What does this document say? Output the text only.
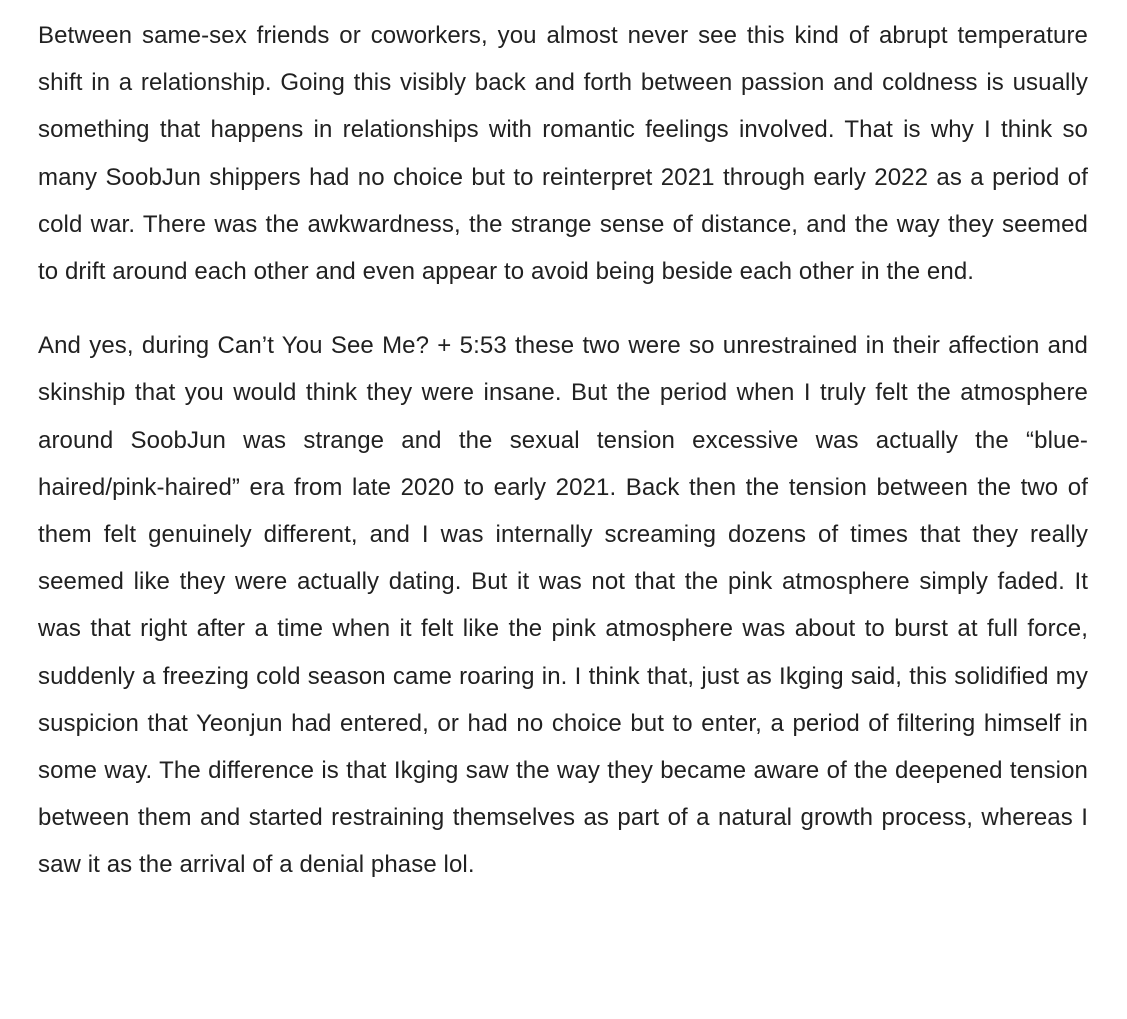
Between same-sex friends or coworkers, you almost never see this kind of abrupt temperature shift in a relationship. Going this visibly back and forth between passion and coldness is usually something that happens in relationships with romantic feelings involved. That is why I think so many SoobJun shippers had no choice but to reinterpret 2021 through early 2022 as a period of cold war. There was the awkwardness, the strange sense of distance, and the way they seemed to drift around each other and even appear to avoid being beside each other in the end.

And yes, during Can’t You See Me? + 5:53 these two were so unrestrained in their affection and skinship that you would think they were insane. But the period when I truly felt the atmosphere around SoobJun was strange and the sexual tension excessive was actually the “blue-haired/pink-haired” era from late 2020 to early 2021. Back then the tension between the two of them felt genuinely different, and I was internally screaming dozens of times that they really seemed like they were actually dating. But it was not that the pink atmosphere simply faded. It was that right after a time when it felt like the pink atmosphere was about to burst at full force, suddenly a freezing cold season came roaring in. I think that, just as Ikging said, this solidified my suspicion that Yeonjun had entered, or had no choice but to enter, a period of filtering himself in some way. The difference is that Ikging saw the way they became aware of the deepened tension between them and started restraining themselves as part of a natural growth process, whereas I saw it as the arrival of a denial phase lol.
